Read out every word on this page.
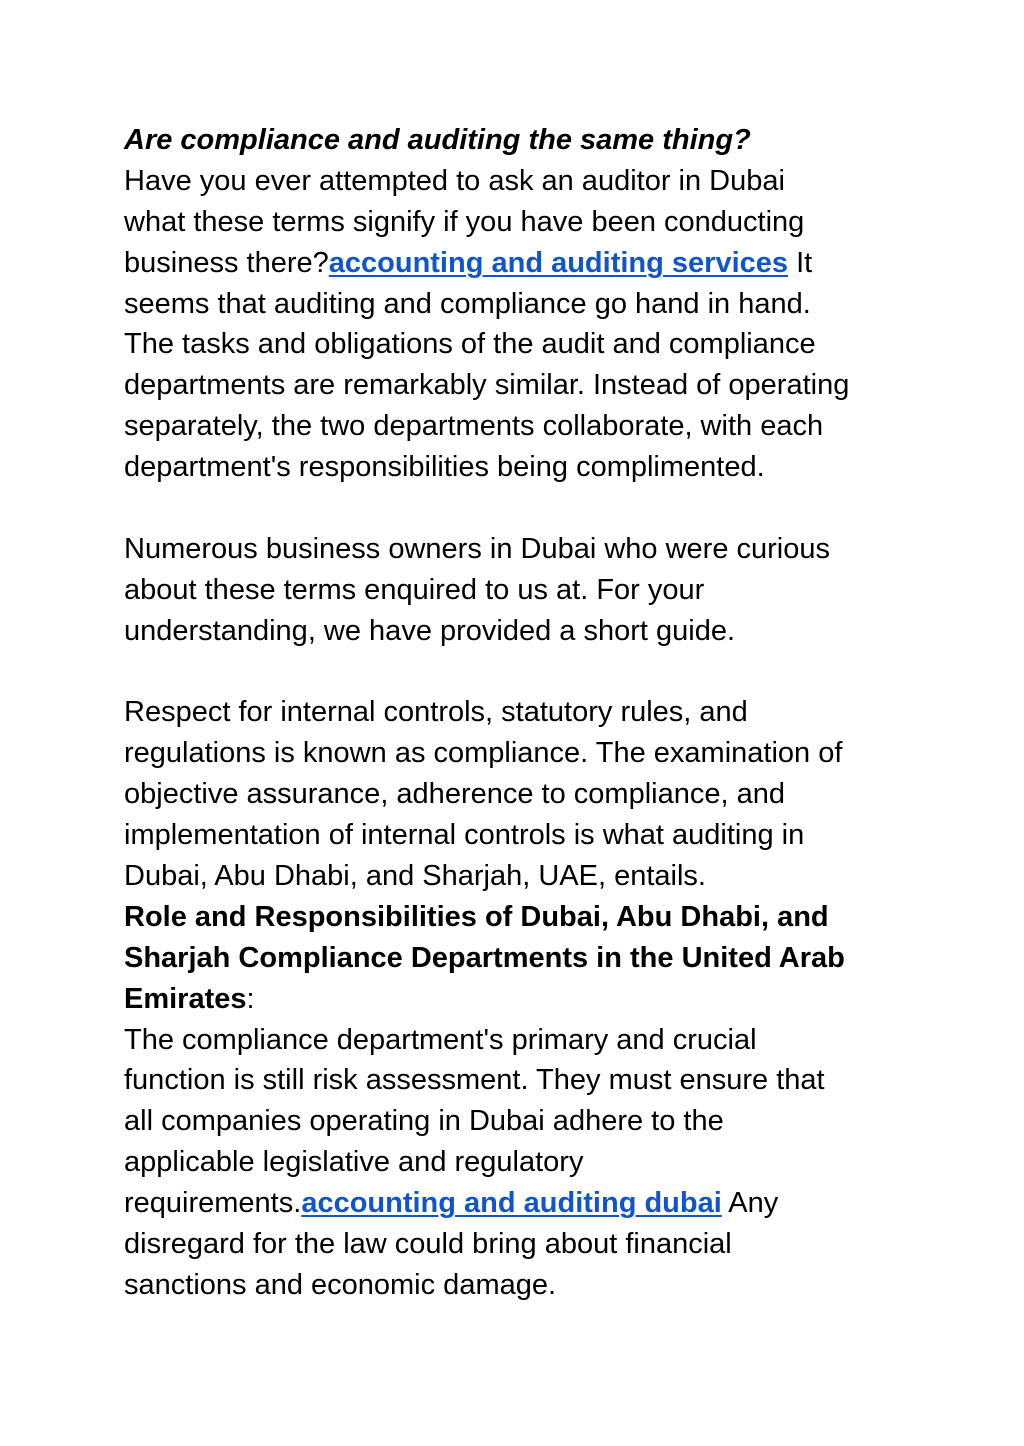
Are compliance and auditing the same thing?
Have you ever attempted to ask an auditor in Dubai
what these terms signify if you have been conducting
business there?accounting and auditing services It
seems that auditing and compliance go hand in hand.
The tasks and obligations of the audit and compliance
departments are remarkably similar. Instead of operating
separately, the two departments collaborate, with each
department's responsibilities being complimented.
Numerous business owners in Dubai who were curious
about these terms enquired to us at. For your
understanding, we have provided a short guide.
Respect for internal controls, statutory rules, and
regulations is known as compliance. The examination of
objective assurance, adherence to compliance, and
implementation of internal controls is what auditing in
Dubai, Abu Dhabi, and Sharjah, UAE, entails.
Role and Responsibilities of Dubai, Abu Dhabi, and
Sharjah Compliance Departments in the United Arab
Emirates:
The compliance department's primary and crucial
function is still risk assessment. They must ensure that
all companies operating in Dubai adhere to the
applicable legislative and regulatory
requirements.accounting and auditing dubai Any
disregard for the law could bring about financial
sanctions and economic damage.
